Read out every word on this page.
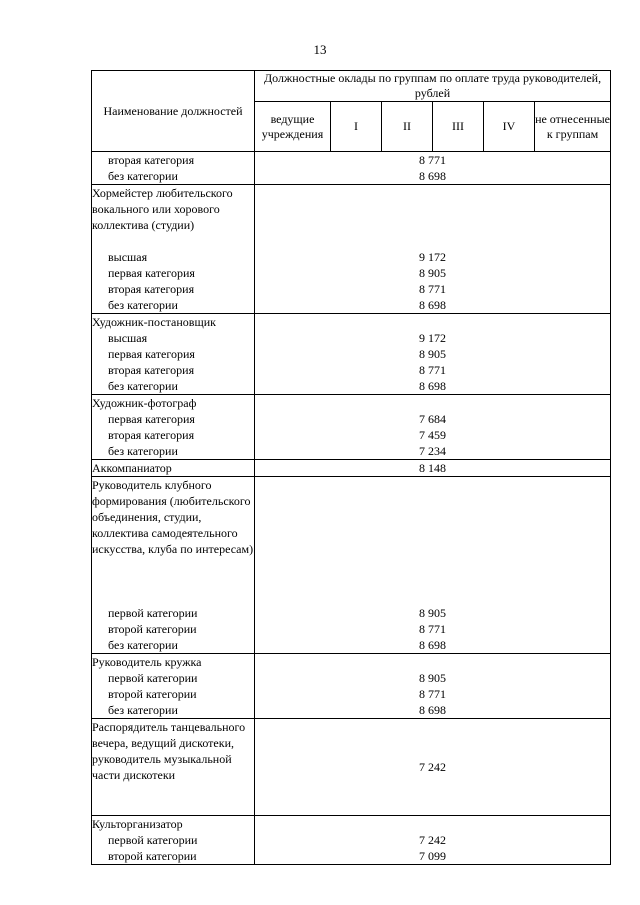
13
Наименование должностей	Должностные оклады по группам по оплате труда руководителей, рублей					
	ведущие учреждения	I	II	III	IV	не отнесенные к группам
вторая категория	8 771					
без категории	8 698					
Хормейстер любительского вокального или хорового коллектива (студии)						
высшая	9 172					
первая категория	8 905					
вторая категория	8 771					
без категории	8 698					
Художник-постановщик						
высшая	9 172					
первая категория	8 905					
вторая категория	8 771					
без категории	8 698					
Художник-фотограф						
первая категория	7 684					
вторая категория	7 459					
без категории	7 234					
Аккомпаниатор	8 148					
Руководитель клубного формирования (любительского объединения, студии, коллектива самодеятельного искусства, клуба по интересам)						
первой категории	8 905					
второй категории	8 771					
без категории	8 698					
Руководитель кружка						
первой категории	8 905					
второй категории	8 771					
без категории	8 698					
Распорядитель танцевального вечера, ведущий дискотеки, руководитель музыкальной части дискотеки	7 242					
Культорганизатор						
первой категории	7 242					
второй категории	7 099					
